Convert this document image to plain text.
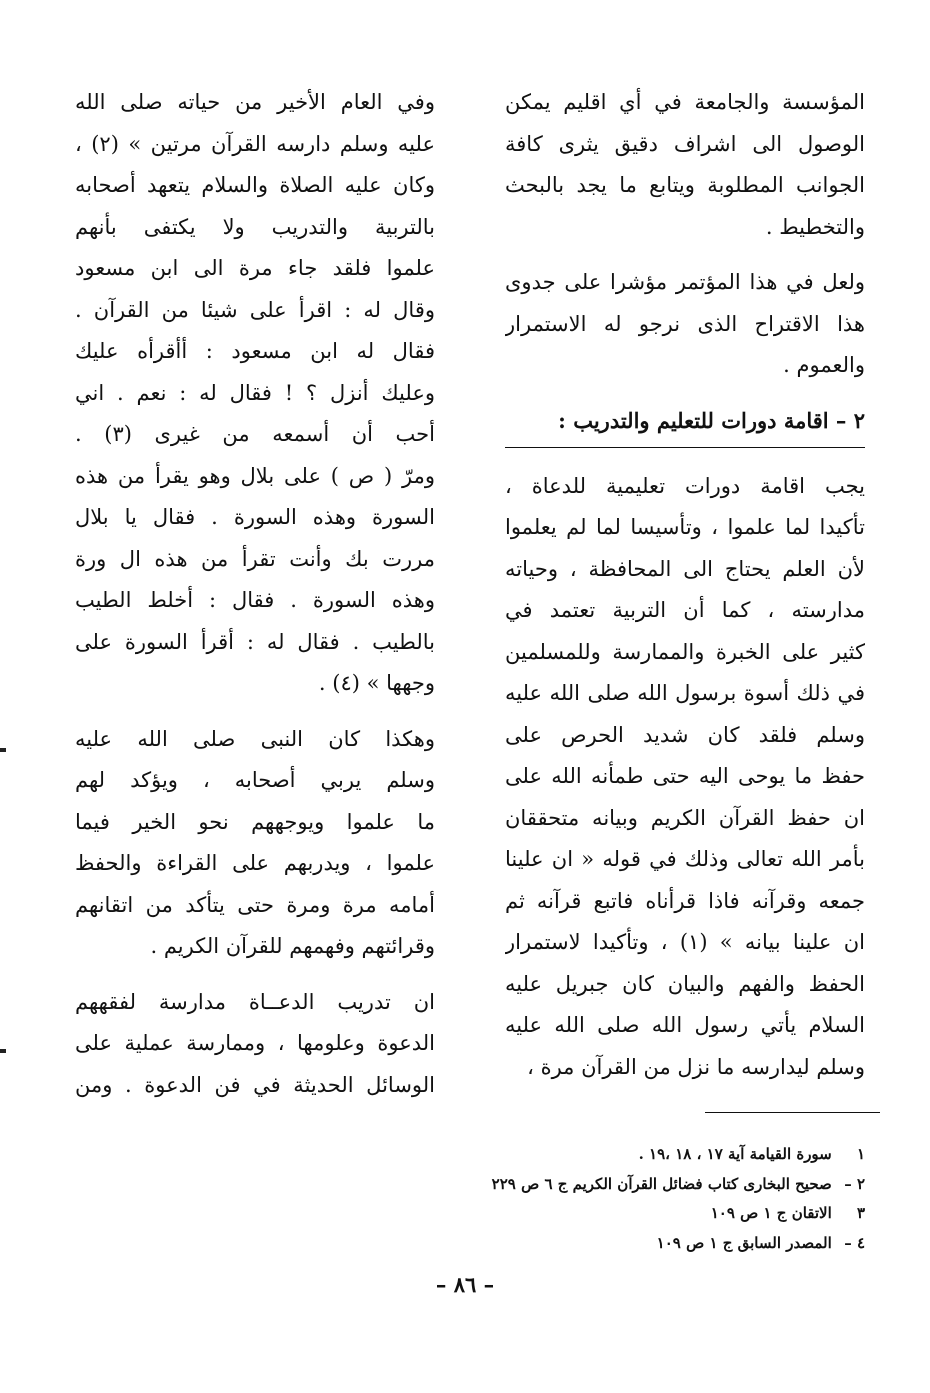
المؤسسة والجامعة في أي اقليم يمكن
الوصول الى اشراف دقيق يثرى كافة
الجوانب المطلوبة ويتابع ما يجد بالبحث
والتخطيط .

ولعل في هذا المؤتمر مؤشرا على جدوى
هذا الاقتراح الذى نرجو له الاستمرار
والعموم .

٢ – اقامة دورات للتعليم والتدريب :

يجب اقامة دورات تعليمية للدعاة ،
تأكيدا لما علموا ، وتأسيسا لما لم يعلموا
لأن العلم يحتاج الى المحافظة ، وحياته
مدارسته ، كما أن التربية تعتمد في
كثير على الخبرة والممارسة وللمسلمين
في ذلك أسوة برسول الله صلى الله عليه
وسلم فلقد كان شديد الحرص على
حفظ ما يوحى اليه حتى طمأنه الله على
ان حفظ القرآن الكريم وبيانه متحققان
بأمر الله تعالى وذلك في قوله « ان علينا
جمعه وقرآنه فاذا قرأناه فاتبع قرآنه ثم
ان علينا بيانه » (١) ، وتأكيدا لاستمرار
الحفظ والفهم والبيان كان جبريل عليه
السلام يأتي رسول الله صلى الله عليه
وسلم ليدارسه ما نزل من القرآن مرة ،

وفي العام الأخير من حياته صلى الله
عليه وسلم دارسه القرآن مرتين » (٢) ،
وكان عليه الصلاة والسلام يتعهد أصحابه
بالتربية والتدريب ولا يكتفى بأنهم
علموا فلقد جاء مرة الى ابن مسعود
وقال له : اقرأ على شيئا من القرآن .
فقال له ابن مسعود : أأقرأه عليك
وعليك أنزل ؟ ! فقال له : نعم . اني
أحب أن أسمعه من غيرى (٣) .
ومرّ ( ص ) على بلال وهو يقرأ من هذه
السورة وهذه السورة . فقال يا بلال
مررت بك وأنت تقرأ من هذه ال ورة
وهذه السورة . فقال : أخلط الطيب
بالطيب . فقال له : أقرأ السورة على
وجهها » (٤) .

وهكذا كان النبى صلى الله عليه
وسلم يربي أصحابه ، ويؤكد لهم
ما علموا ويوجههم نحو الخير فيما
علموا ، ويدربهم على القراءة والحفظ
أمامه مرة ومرة حتى يتأكد من اتقانهم
وقرائتهم وفهمهم للقرآن الكريم .

ان تدريب الدعــاة مدارسة لفقههم
الدعوة وعلومها ، وممارسة عملية على
الوسائل الحديثة في فن الدعوة . ومن

١ سورة القيامة آية ١٧ ، ١٨ ،١٩ .
٢ – صحيح البخارى كتاب فضائل القرآن الكريم ج ٦ ص ٢٢٩
٣ الاتقان ج ١ ص ١٠٩
٤ – المصدر السابق ج ١ ص ١٠٩
– ٨٦ –
